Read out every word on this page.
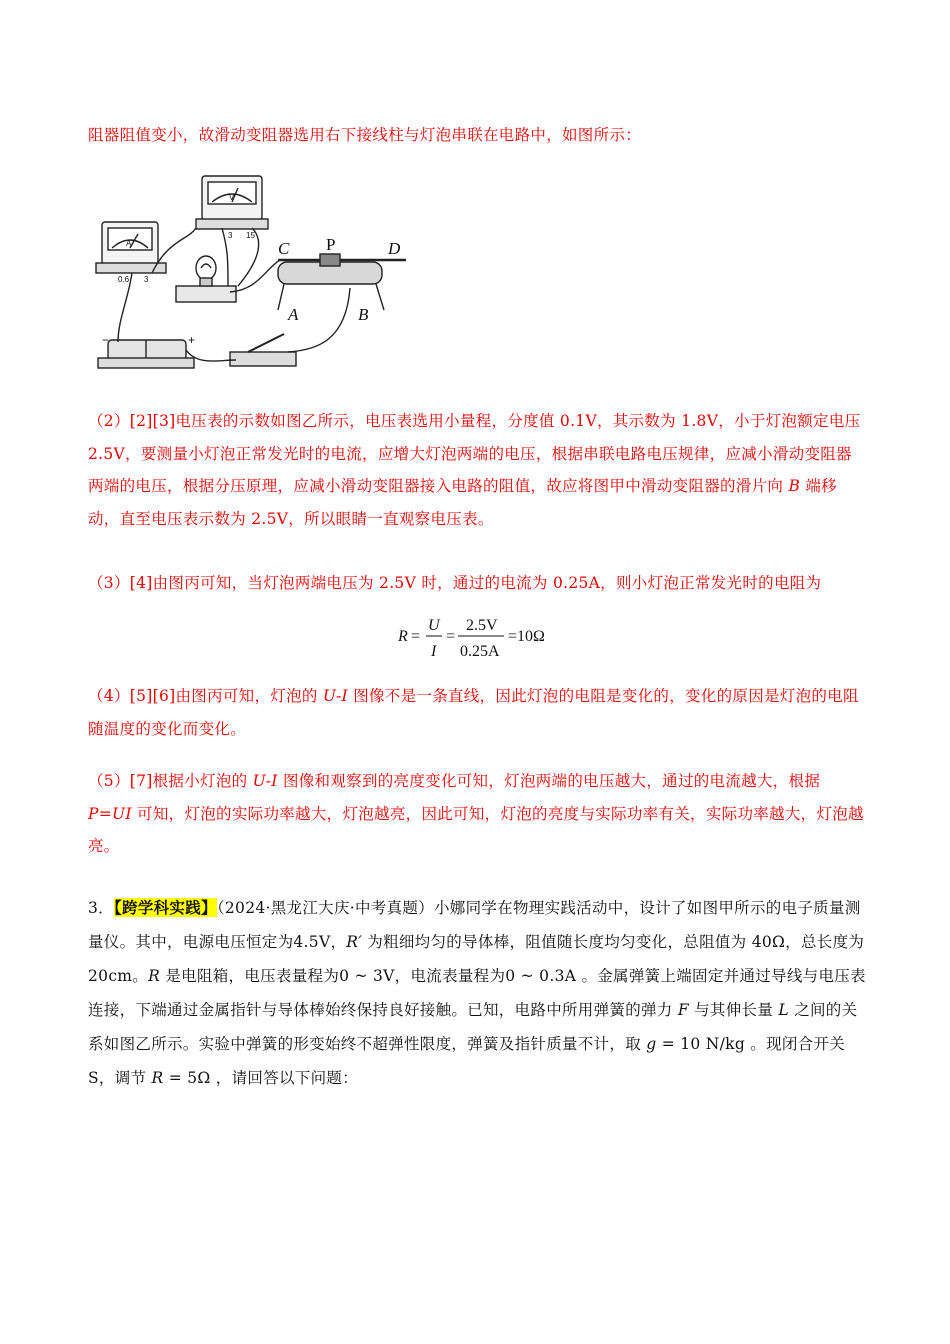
阻器阻值变小，故滑动变阻器选用右下接线柱与灯泡串联在电路中，如图所示：
C P	D
A	B
A
V
0.6 3
3 15
−	+
（2）[2][3]电压表的示数如图乙所示，电压表选用小量程，分度值 0.1V，其示数为 1.8V，小于灯泡额定电压 2.5V，要测量小灯泡正常发光时的电流，应增大灯泡两端的电压，根据串联电路电压规律，应减小滑动变阻器两端的电压，根据分压原理，应减小滑动变阻器接入电路的阻值，故应将图甲中滑动变阻器的滑片向 B 端移动，直至电压表示数为 2.5V，所以眼睛一直观察电压表。
（3）[4]由图丙可知，当灯泡两端电压为 2.5V 时，通过的电流为 0.25A，则小灯泡正常发光时的电阻为
R =
U
I
=
2.5V
0.25A
=10Ω
（4）[5][6]由图丙可知，灯泡的 U-I 图像不是一条直线，因此灯泡的电阻是变化的，变化的原因是灯泡的电阻随温度的变化而变化。
（5）[7]根据小灯泡的 U-I 图像和观察到的亮度变化可知，灯泡两端的电压越大，通过的电流越大，根据 P=UI 可知，灯泡的实际功率越大，灯泡越亮，因此可知，灯泡的亮度与实际功率有关，实际功率越大，灯泡越亮。
3．【跨学科实践】（2024·黑龙江大庆·中考真题）小娜同学在物理实践活动中，设计了如图甲所示的电子质量测量仪。其中，电源电压恒定为4.5V，R′ 为粗细均匀的导体棒，阻值随长度均匀变化，总阻值为 40Ω，总长度为20cm。R 是电阻箱，电压表量程为0 ~ 3V，电流表量程为0 ~ 0.3A 。金属弹簧上端固定并通过导线与电压表连接，下端通过金属指针与导体棒始终保持良好接触。已知，电路中所用弹簧的弹力 F 与其伸长量 L 之间的关系如图乙所示。实验中弹簧的形变始终不超弹性限度，弹簧及指针质量不计，取 g = 10 N/kg 。现闭合开关 S，调节 R = 5Ω ，请回答以下问题：
